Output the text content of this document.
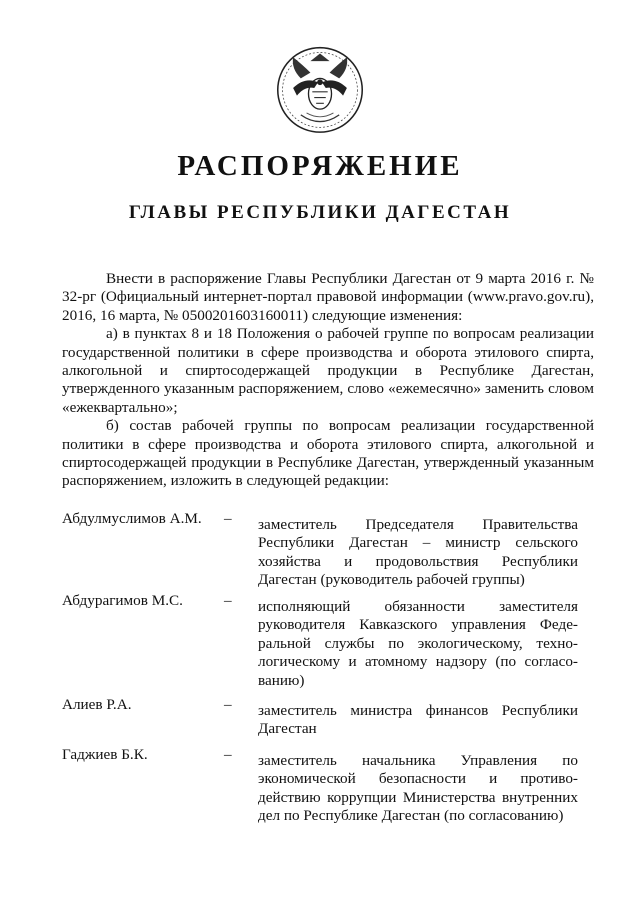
РАСПОРЯЖЕНИЕ
ГЛАВЫ РЕСПУБЛИКИ ДАГЕСТАН

Внести в распоряжение Главы Республики Дагестан от 9 марта 2016 г. № 32-рг (Официальный интернет-портал правовой информации (www.pravo.gov.ru), 2016, 16 марта, № 0500201603160011) следующие изменения:

а) в пунктах 8 и 18 Положения о рабочей группе по вопросам реализации государственной политики в сфере производства и оборота этилового спирта, алкогольной и спиртосодержащей продукции в Республике Дагестан, утвержденного указанным распоряжением, слово «ежемесячно» заменить словом «ежеквартально»;

б) состав рабочей группы по вопросам реализации государственной политики в сфере производства и оборота этилового спирта, алкогольной и спиртосодержащей продукции в Республике Дагестан, утвержденный указанным распоряжением, изложить в следующей редакции:

Абдулмуслимов А.М. – заместитель Председателя Правительства Республики Дагестан – министр сельского хозяйства и продовольствия Республики Дагестан (руководитель рабочей группы)
Абдурагимов М.С.	– исполняющий обязанности заместителя руководителя Кавказского управления Феде-ральной службы по экологическому, техно-логическому и атомному надзору (по согласо-ванию)
Алиев Р.А.	– заместитель министра финансов Республики Дагестан
Гаджиев Б.К.	– заместитель начальника Управления по экономической безопасности и противо-действию коррупции Министерства внутренних дел по Республике Дагестан (по согласованию)
